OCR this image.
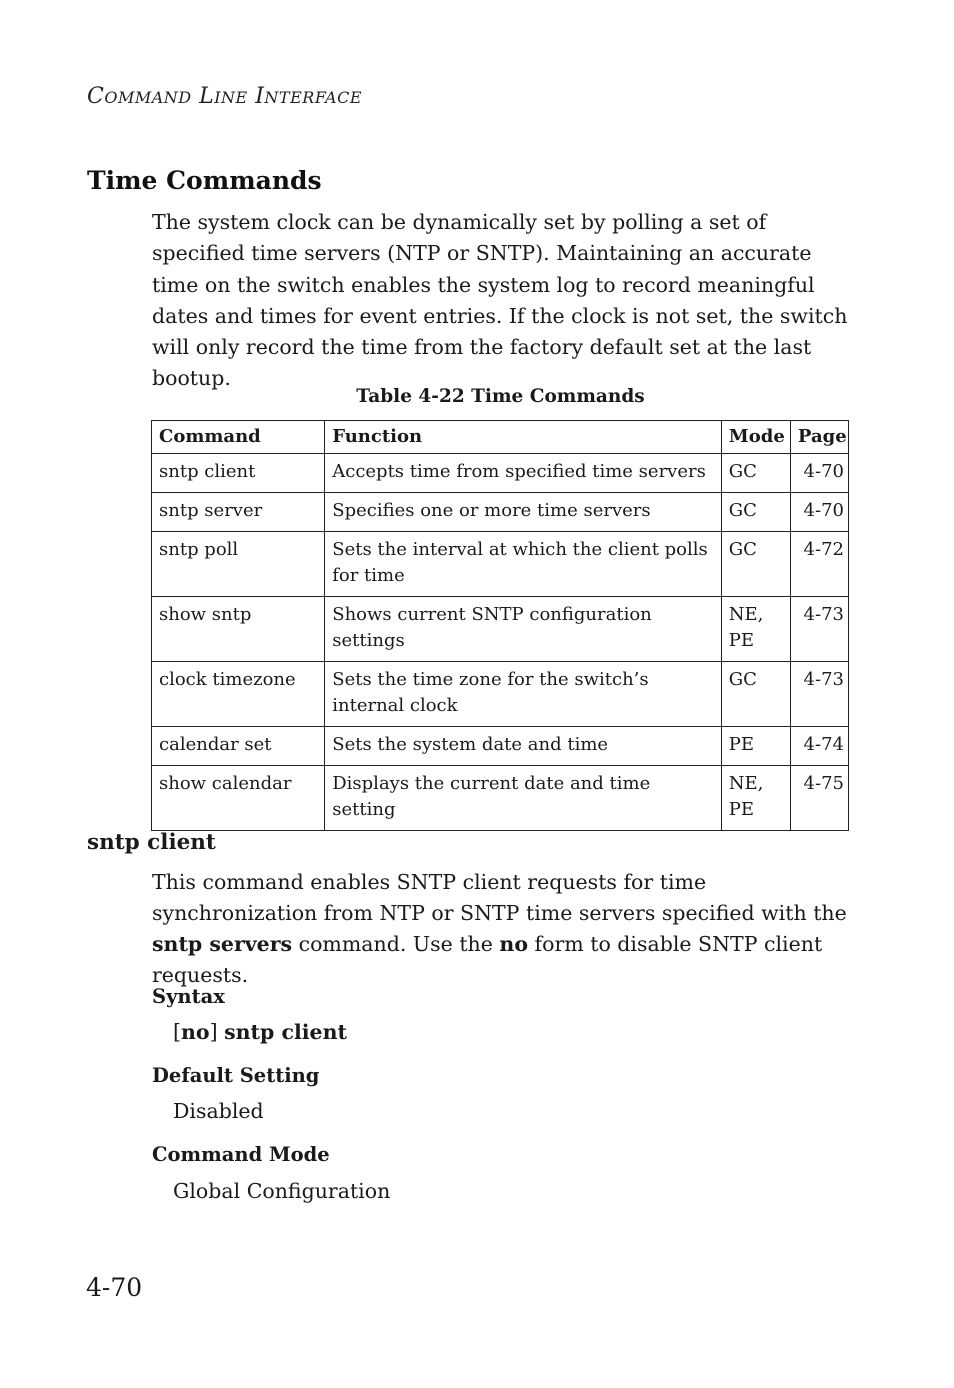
COMMAND LINE INTERFACE
Time Commands

The system clock can be dynamically set by polling a set of specified time servers (NTP or SNTP). Maintaining an accurate time on the switch enables the system log to record meaningful dates and times for event entries. If the clock is not set, the switch will only record the time from the factory default set at the last bootup.

Table 4-22 Time Commands
Command	Function	Mode	Page
sntp client	Accepts time from specified time servers	GC	4-70
sntp server	Specifies one or more time servers	GC	4-70
sntp poll	Sets the interval at which the client polls for time	GC	4-72
show sntp	Shows current SNTP configuration settings	NE, PE	4-73
clock timezone	Sets the time zone for the switch’s internal clock	GC	4-73
calendar set	Sets the system date and time	PE	4-74
show calendar	Displays the current date and time setting	NE, PE	4-75
sntp client

This command enables SNTP client requests for time synchronization from NTP or SNTP time servers specified with the sntp servers command. Use the no form to disable SNTP client requests.

Syntax
[no] sntp client
Default Setting
Disabled
Command Mode
Global Configuration
4-70
